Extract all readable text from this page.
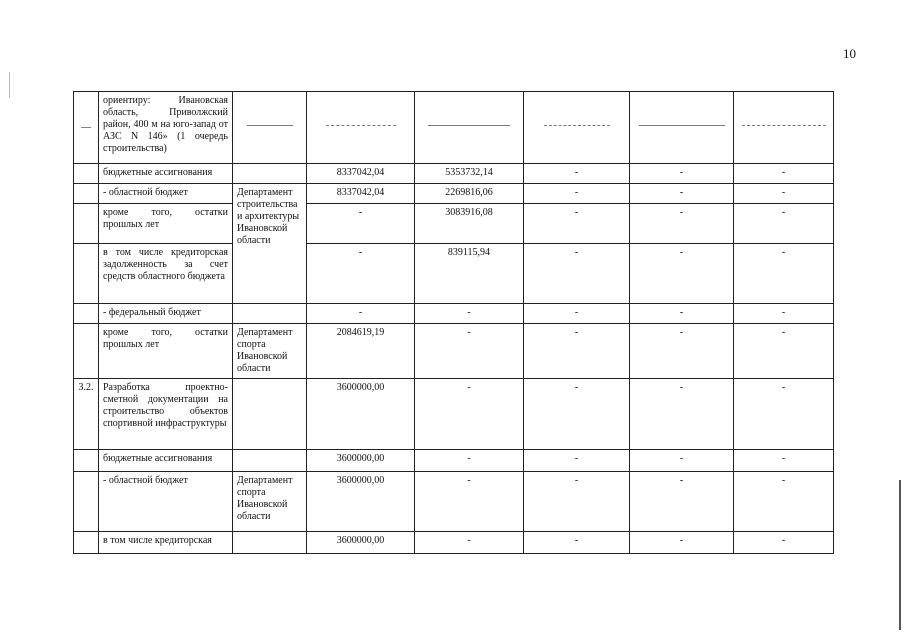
10
—	ориентиру: Ивановская область, Приволжский район, 400 м на юго-запад от АЗС N 146» (1 очередь строительства)	

	бюджетные ассигнования		8337042,04	5353732,14	-	-	-
	- областной бюджет	Департамент строительства и архитектуры Ивановской области	8337042,04	2269816,06	-	-	-
	кроме того, остатки прошлых лет		-	3083916,08	-	-	-
	в том числе кредиторская задолженность за счет средств областного бюджета		-	839115,94	-	-	-
	- федеральный бюджет		-	-	-	-	-
	кроме того, остатки прошлых лет	Департамент спорта Ивановской области	2084619,19	-	-	-	-
3.2.	Разработка проектно-сметной документации на строительство объектов спортивной инфраструктуры		3600000,00	-	-	-	-
	бюджетные ассигнования		3600000,00	-	-	-	-
	- областной бюджет	Департамент спорта Ивановской области	3600000,00	-	-	-	-
	в том числе кредиторская		3600000,00	-	-	-	-
